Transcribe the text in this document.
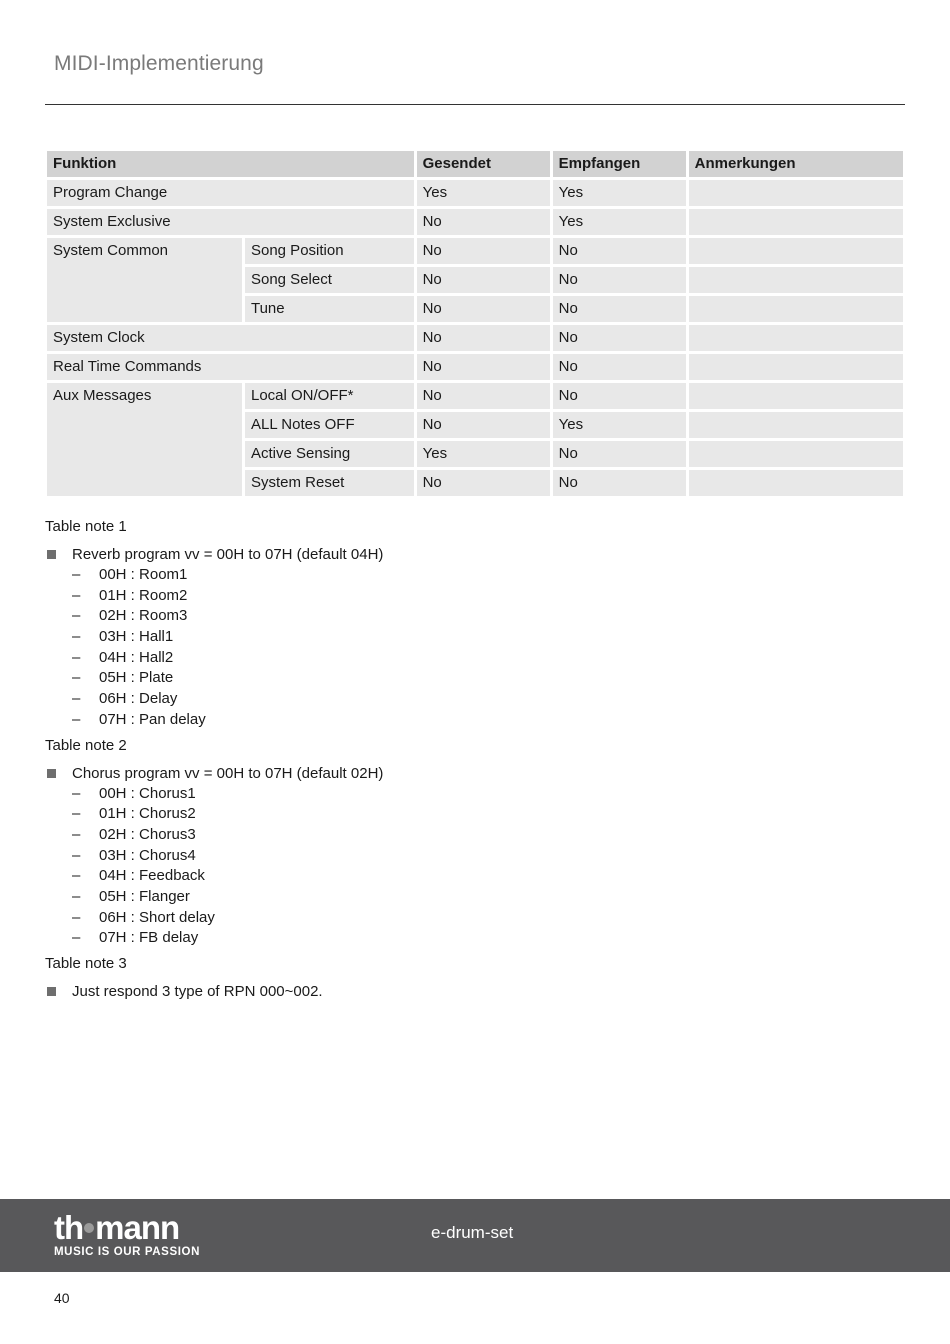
MIDI-Implementierung
Funktion		Gesendet	Empfangen	Anmerkungen
Program Change		Yes	Yes	
System Exclusive		No	Yes	
System Common	Song Position	No	No	
	Song Select	No	No	
	Tune	No	No	
System Clock		No	No	
Real Time Commands		No	No	
Aux Messages	Local ON/OFF*	No	No	
	ALL Notes OFF	No	Yes	
	Active Sensing	Yes	No	
	System Reset	No	No	
Table note 1
Reverb program vv = 00H to 07H (default 04H)
– 00H : Room1
– 01H : Room2
– 02H : Room3
– 03H : Hall1
– 04H : Hall2
– 05H : Plate
– 06H : Delay
– 07H : Pan delay
Table note 2
Chorus program vv = 00H to 07H (default 02H)
– 00H : Chorus1
– 01H : Chorus2
– 02H : Chorus3
– 03H : Chorus4
– 04H : Feedback
– 05H : Flanger
– 06H : Short delay
– 07H : FB delay
Table note 3
Just respond 3 type of RPN 000~002.
th mann
MUSIC IS OUR PASSION
e-drum-set
40
